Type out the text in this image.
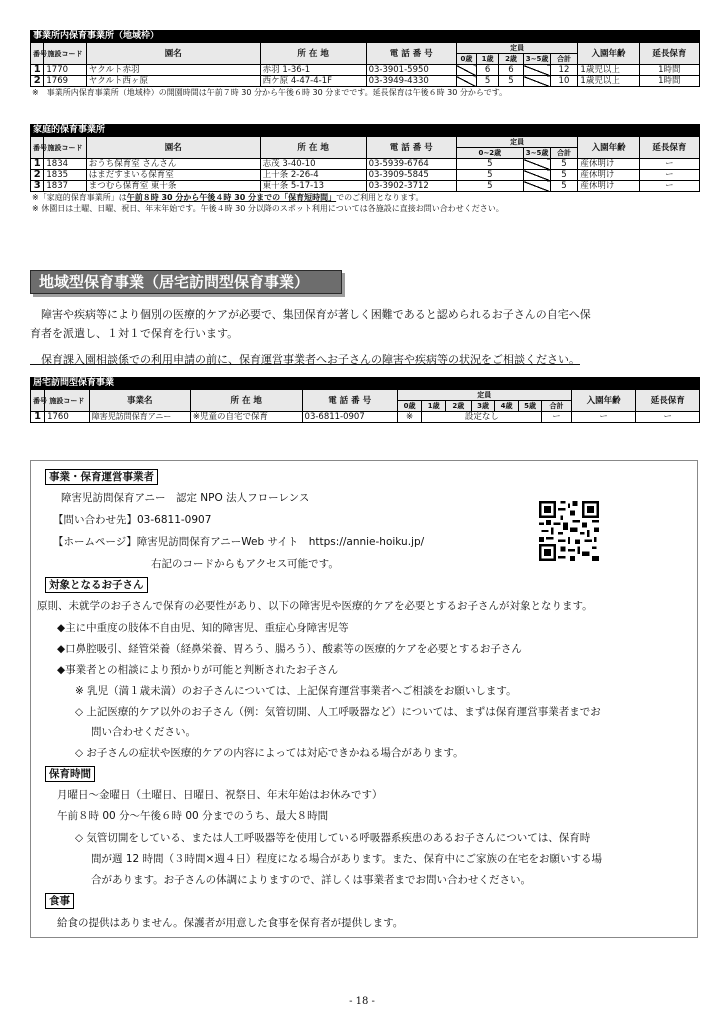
事業所内保育事業所（地域枠）
番号	施設コード	園名	所 在 地	電 話 番 号	定員					入園年齢	延長保育
					0歳	1歳	2歳	3~5歳	合計		
1	1770	ヤクルト赤羽	赤羽 1-36-1	03-3901-5950		6	6		12	1歳児以上	1時間
2	1769	ヤクルト西ヶ原	西ケ原 4-47-4-1F	03-3949-4330		5	5		10	1歳児以上	1時間
※　事業所内保育事業所（地域枠）の開園時間は午前７時 30 分から午後６時 30 分までです。延長保育は午後６時 30 分からです。
家庭的保育事業所
番号	施設コード	園名	所 在 地	電 話 番 号	定員			入園年齢	延長保育
					0~2歳	3~5歳	合計		
1	1834	おうち保育室 さんさん	志茂 3-40-10	03-5939-6764	5		5	産休明け	ー
2	1835	はまだすまいる保育室	上十条 2-26-4	03-3909-5845	5		5	産休明け	ー
3	1837	まつむら保育室 東十条	東十条 5-17-13	03-3902-3712	5		5	産休明け	ー
※「家庭的保育事業所」は午前８時 30 分から午後４時 30 分までの「保育短時間」でのご利用となります。
※ 休園日は土曜、日曜、祝日、年末年始です。午後４時 30 分以降のスポット利用については各施設に直接お問い合わせください。
地域型保育事業（居宅訪問型保育事業）
　障害や疾病等により個別の医療的ケアが必要で、集団保育が著しく困難であると認められるお子さんの自宅へ保
育者を派遣し、１対１で保育を行います。
　保育課入園相談係での利用申請の前に、保育運営事業者へお子さんの障害や疾病等の状況をご相談ください。
居宅訪問型保育事業
番号	施設コード	事業名	所 在 地	電 話 番 号	定員							入園年齢	延長保育
					0歳	1歳	2歳	3歳	4歳	5歳	合計		
1	1760	障害児訪問保育アニー	※児童の自宅で保育	03-6811-0907	※	設定なし					ー	ー	ー
事業・保育運営事業者
障害児訪問保育アニー　認定 NPO 法人フローレンス
【問い合わせ先】03-6811-0907
【ホームページ】障害児訪問保育アニーWeb サイト　https://annie-hoiku.jp/
右記のコードからもアクセス可能です。
対象となるお子さん
原則、未就学のお子さんで保育の必要性があり、以下の障害児や医療的ケアを必要とするお子さんが対象となります。
◆主に中重度の肢体不自由児、知的障害児、重症心身障害児等
◆口鼻腔吸引、経管栄養（経鼻栄養、胃ろう、腸ろう）、酸素等の医療的ケアを必要とするお子さん
◆事業者との相談により預かりが可能と判断されたお子さん
※ 乳児（満１歳未満）のお子さんについては、上記保育運営事業者へご相談をお願いします。
◇ 上記医療的ケア以外のお子さん（例：気管切開、人工呼吸器など）については、まずは保育運営事業者までお
問い合わせください。
◇ お子さんの症状や医療的ケアの内容によっては対応できかねる場合があります。
保育時間
月曜日～金曜日（土曜日、日曜日、祝祭日、年末年始はお休みです）
午前８時 00 分～午後６時 00 分までのうち、最大８時間
◇ 気管切開をしている、または人工呼吸器等を使用している呼吸器系疾患のあるお子さんについては、保育時
間が週 12 時間（３時間×週４日）程度になる場合があります。また、保育中にご家族の在宅をお願いする場
合があります。お子さんの体調によりますので、詳しくは事業者までお問い合わせください。
食事
給食の提供はありません。保護者が用意した食事を保育者が提供します。
- 18 -
